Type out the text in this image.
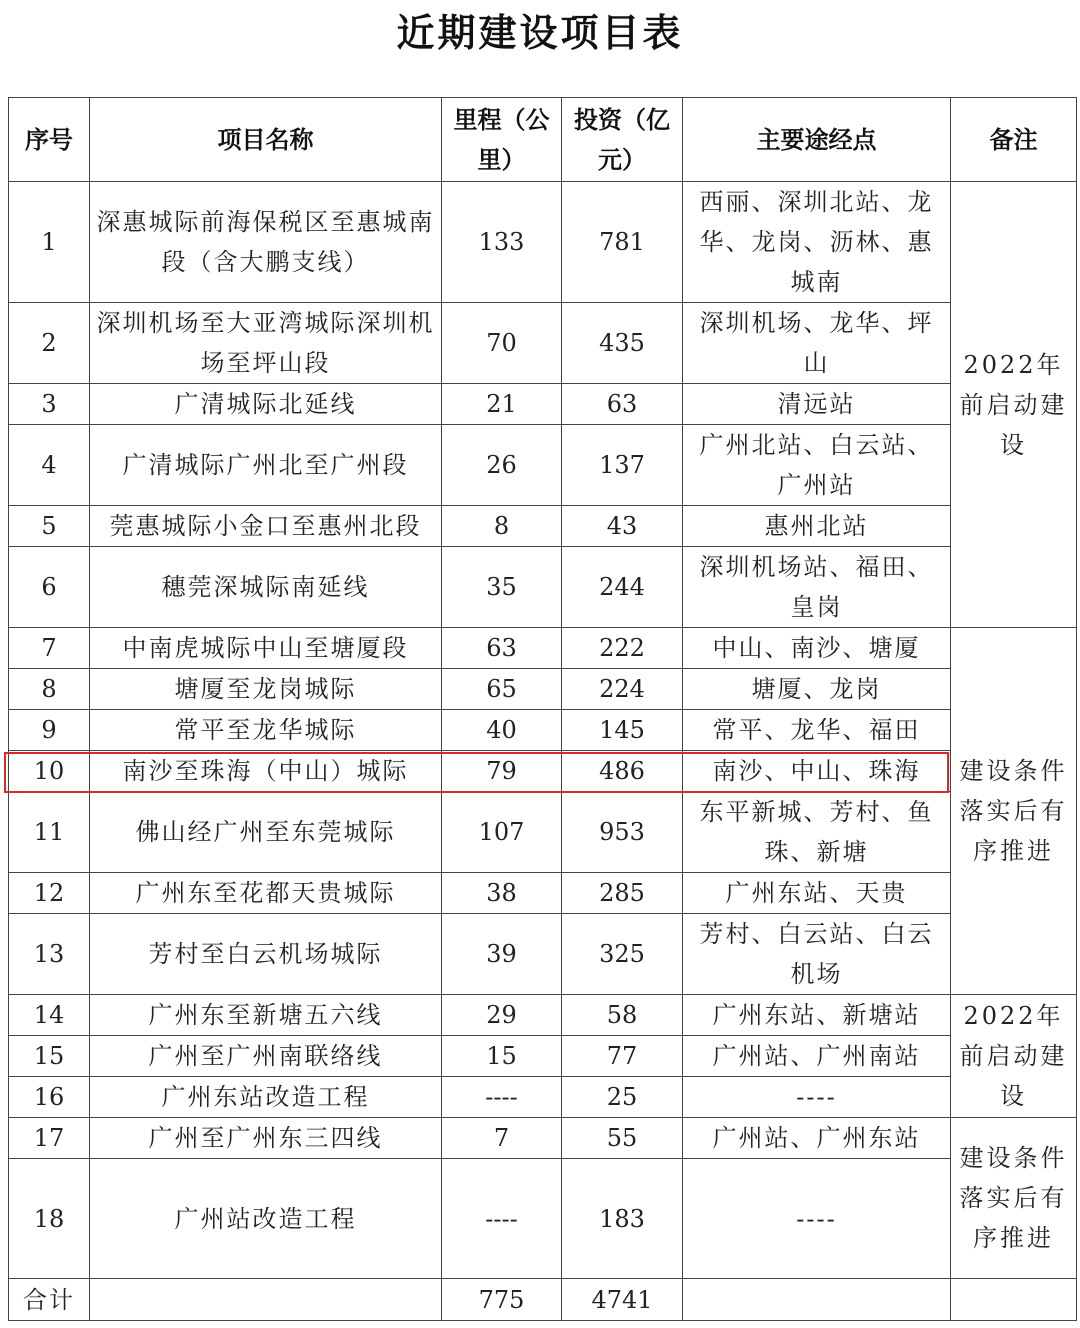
近期建设项目表
序号	项目名称	里程（公里）	投资（亿元）	主要途经点	备注
1	深惠城际前海保税区至惠城南段（含大鹏支线）	133	781	西丽、深圳北站、龙华、龙岗、沥林、惠城南	2022年前启动建设
2	深圳机场至大亚湾城际深圳机场至坪山段	70	435	深圳机场、龙华、坪山	
3	广清城际北延线	21	63	清远站	
4	广清城际广州北至广州段	26	137	广州北站、白云站、广州站	
5	莞惠城际小金口至惠州北段	8	43	惠州北站	
6	穗莞深城际南延线	35	244	深圳机场站、福田、皇岗	
7	中南虎城际中山至塘厦段	63	222	中山、南沙、塘厦	建设条件落实后有序推进
8	塘厦至龙岗城际	65	224	塘厦、龙岗	
9	常平至龙华城际	40	145	常平、龙华、福田	
10	南沙至珠海（中山）城际	79	486	南沙、中山、珠海	
11	佛山经广州至东莞城际	107	953	东平新城、芳村、鱼珠、新塘	
12	广州东至花都天贵城际	38	285	广州东站、天贵	
13	芳村至白云机场城际	39	325	芳村、白云站、白云机场	
14	广州东至新塘五六线	29	58	广州东站、新塘站	2022年前启动建设
15	广州至广州南联络线	15	77	广州站、广州南站	
16	广州东站改造工程	----	25	----	
17	广州至广州东三四线	7	55	广州站、广州东站	建设条件落实后有序推进
18	广州站改造工程	----	183	----	
合计		775	4741		
